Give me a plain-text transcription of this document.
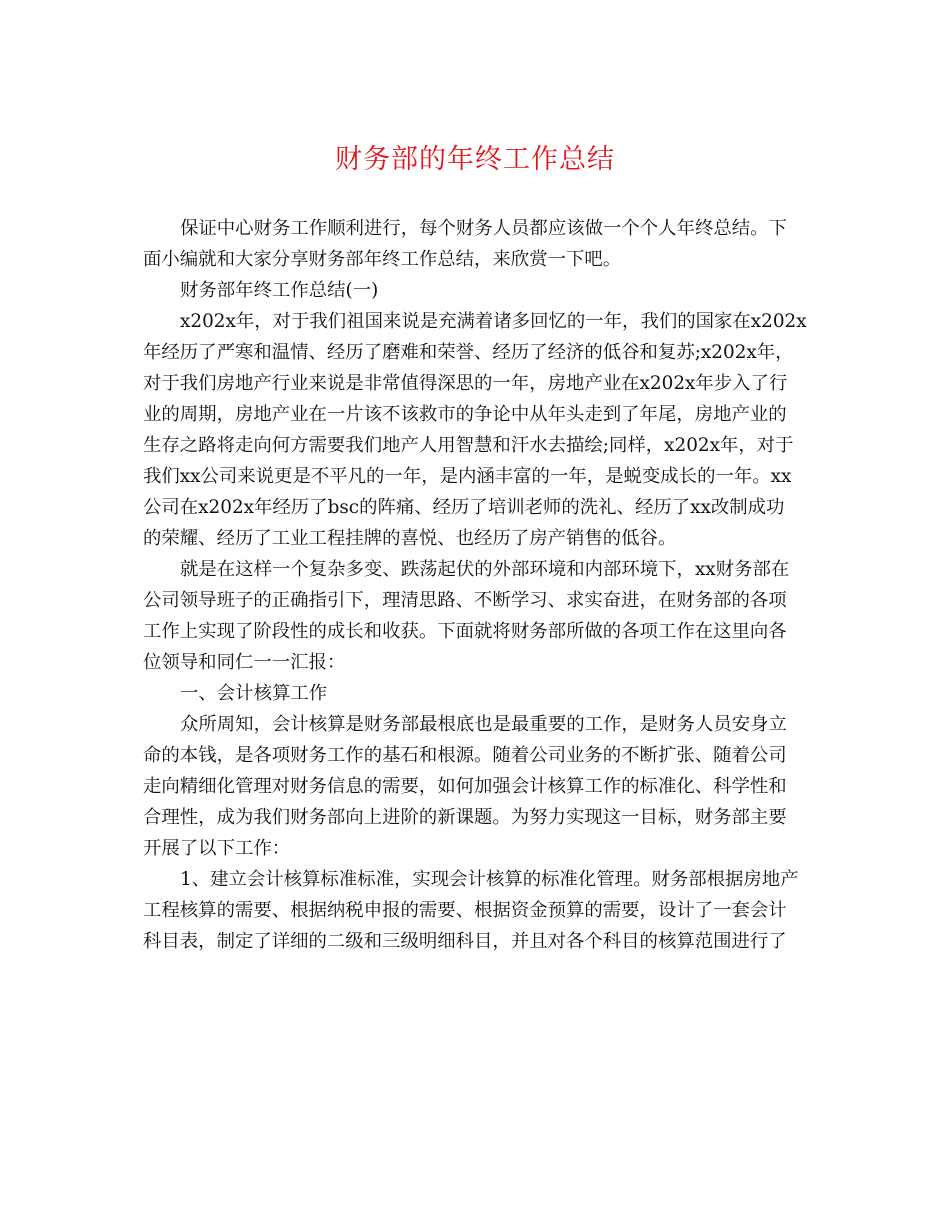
财务部的年终工作总结

保证中心财务工作顺利进行，每个财务人员都应该做一个个人年终总结。下
面小编就和大家分享财务部年终工作总结，来欣赏一下吧。

财务部年终工作总结(一)

x202x年，对于我们祖国来说是充满着诸多回忆的一年，我们的国家在x202x
年经历了严寒和温情、经历了磨难和荣誉、经历了经济的低谷和复苏;x202x年，
对于我们房地产行业来说是非常值得深思的一年，房地产业在x202x年步入了行
业的周期，房地产业在一片该不该救市的争论中从年头走到了年尾，房地产业的
生存之路将走向何方需要我们地产人用智慧和汗水去描绘;同样，x202x年，对于
我们xx公司来说更是不平凡的一年，是内涵丰富的一年，是蜕变成长的一年。xx
公司在x202x年经历了bsc的阵痛、经历了培训老师的洗礼、经历了xx改制成功
的荣耀、经历了工业工程挂牌的喜悦、也经历了房产销售的低谷。

就是在这样一个复杂多变、跌荡起伏的外部环境和内部环境下，xx财务部在
公司领导班子的正确指引下，理清思路、不断学习、求实奋进，在财务部的各项
工作上实现了阶段性的成长和收获。下面就将财务部所做的各项工作在这里向各
位领导和同仁一一汇报：

一、会计核算工作

众所周知，会计核算是财务部最根底也是最重要的工作，是财务人员安身立
命的本钱，是各项财务工作的基石和根源。随着公司业务的不断扩张、随着公司
走向精细化管理对财务信息的需要，如何加强会计核算工作的标准化、科学性和
合理性，成为我们财务部向上进阶的新课题。为努力实现这一目标，财务部主要
开展了以下工作：

1、建立会计核算标准标准，实现会计核算的标准化管理。财务部根据房地产
工程核算的需要、根据纳税申报的需要、根据资金预算的需要，设计了一套会计
科目表，制定了详细的二级和三级明细科目，并且对各个科目的核算范围进行了
